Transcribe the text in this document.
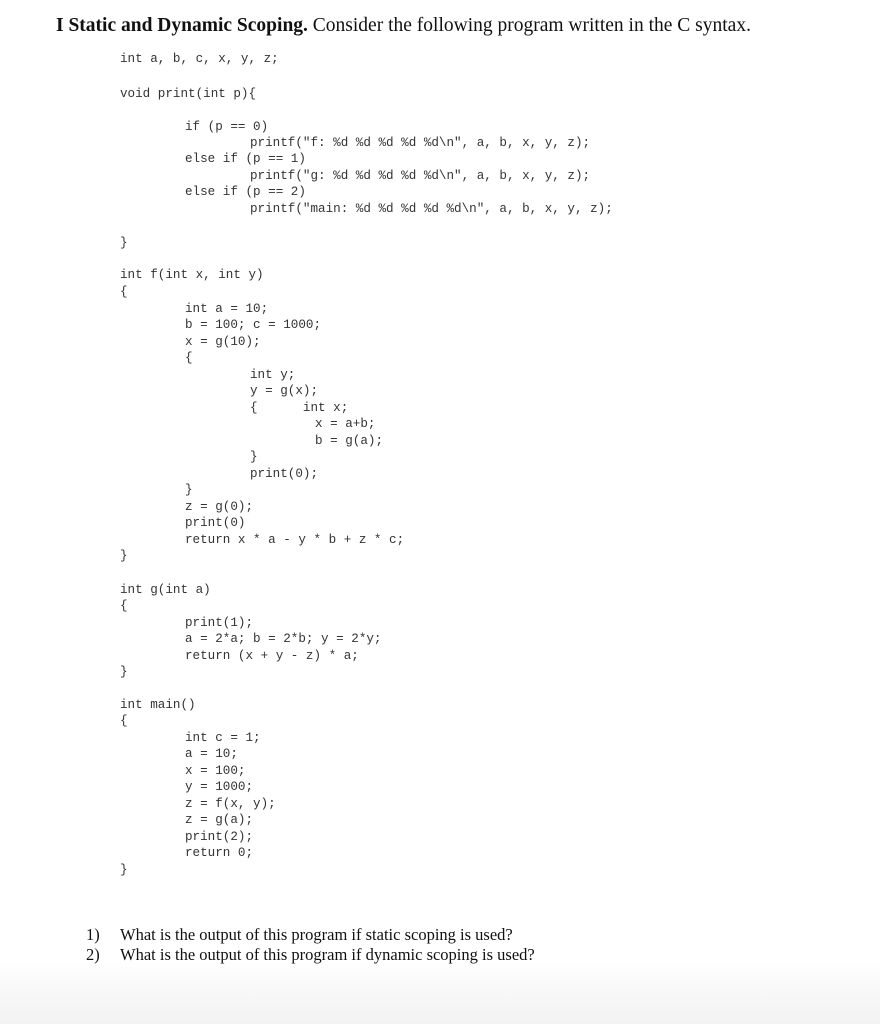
I Static and Dynamic Scoping. Consider the following program written in the C syntax.
int a, b, c, x, y, z;
void print(int p){
if (p == 0)
printf("f: %d %d %d %d %d\n", a, b, x, y, z);
else if (p == 1)
printf("g: %d %d %d %d %d\n", a, b, x, y, z);
else if (p == 2)
printf("main: %d %d %d %d %d\n", a, b, x, y, z);
}
int f(int x, int y)
{
int a = 10;
b = 100; c = 1000;
x = g(10);
{
int y;
y = g(x);
{      int x;
x = a+b;
b = g(a);
}
print(0);
}
z = g(0);
print(0)
return x * a - y * b + z * c;
}
int g(int a)
{
print(1);
a = 2*a; b = 2*b; y = 2*y;
return (x + y - z) * a;
}
int main()
{
int c = 1;
a = 10;
x = 100;
y = 1000;
z = f(x, y);
z = g(a);
print(2);
return 0;
}
1) What is the output of this program if static scoping is used?
2) What is the output of this program if dynamic scoping is used?
